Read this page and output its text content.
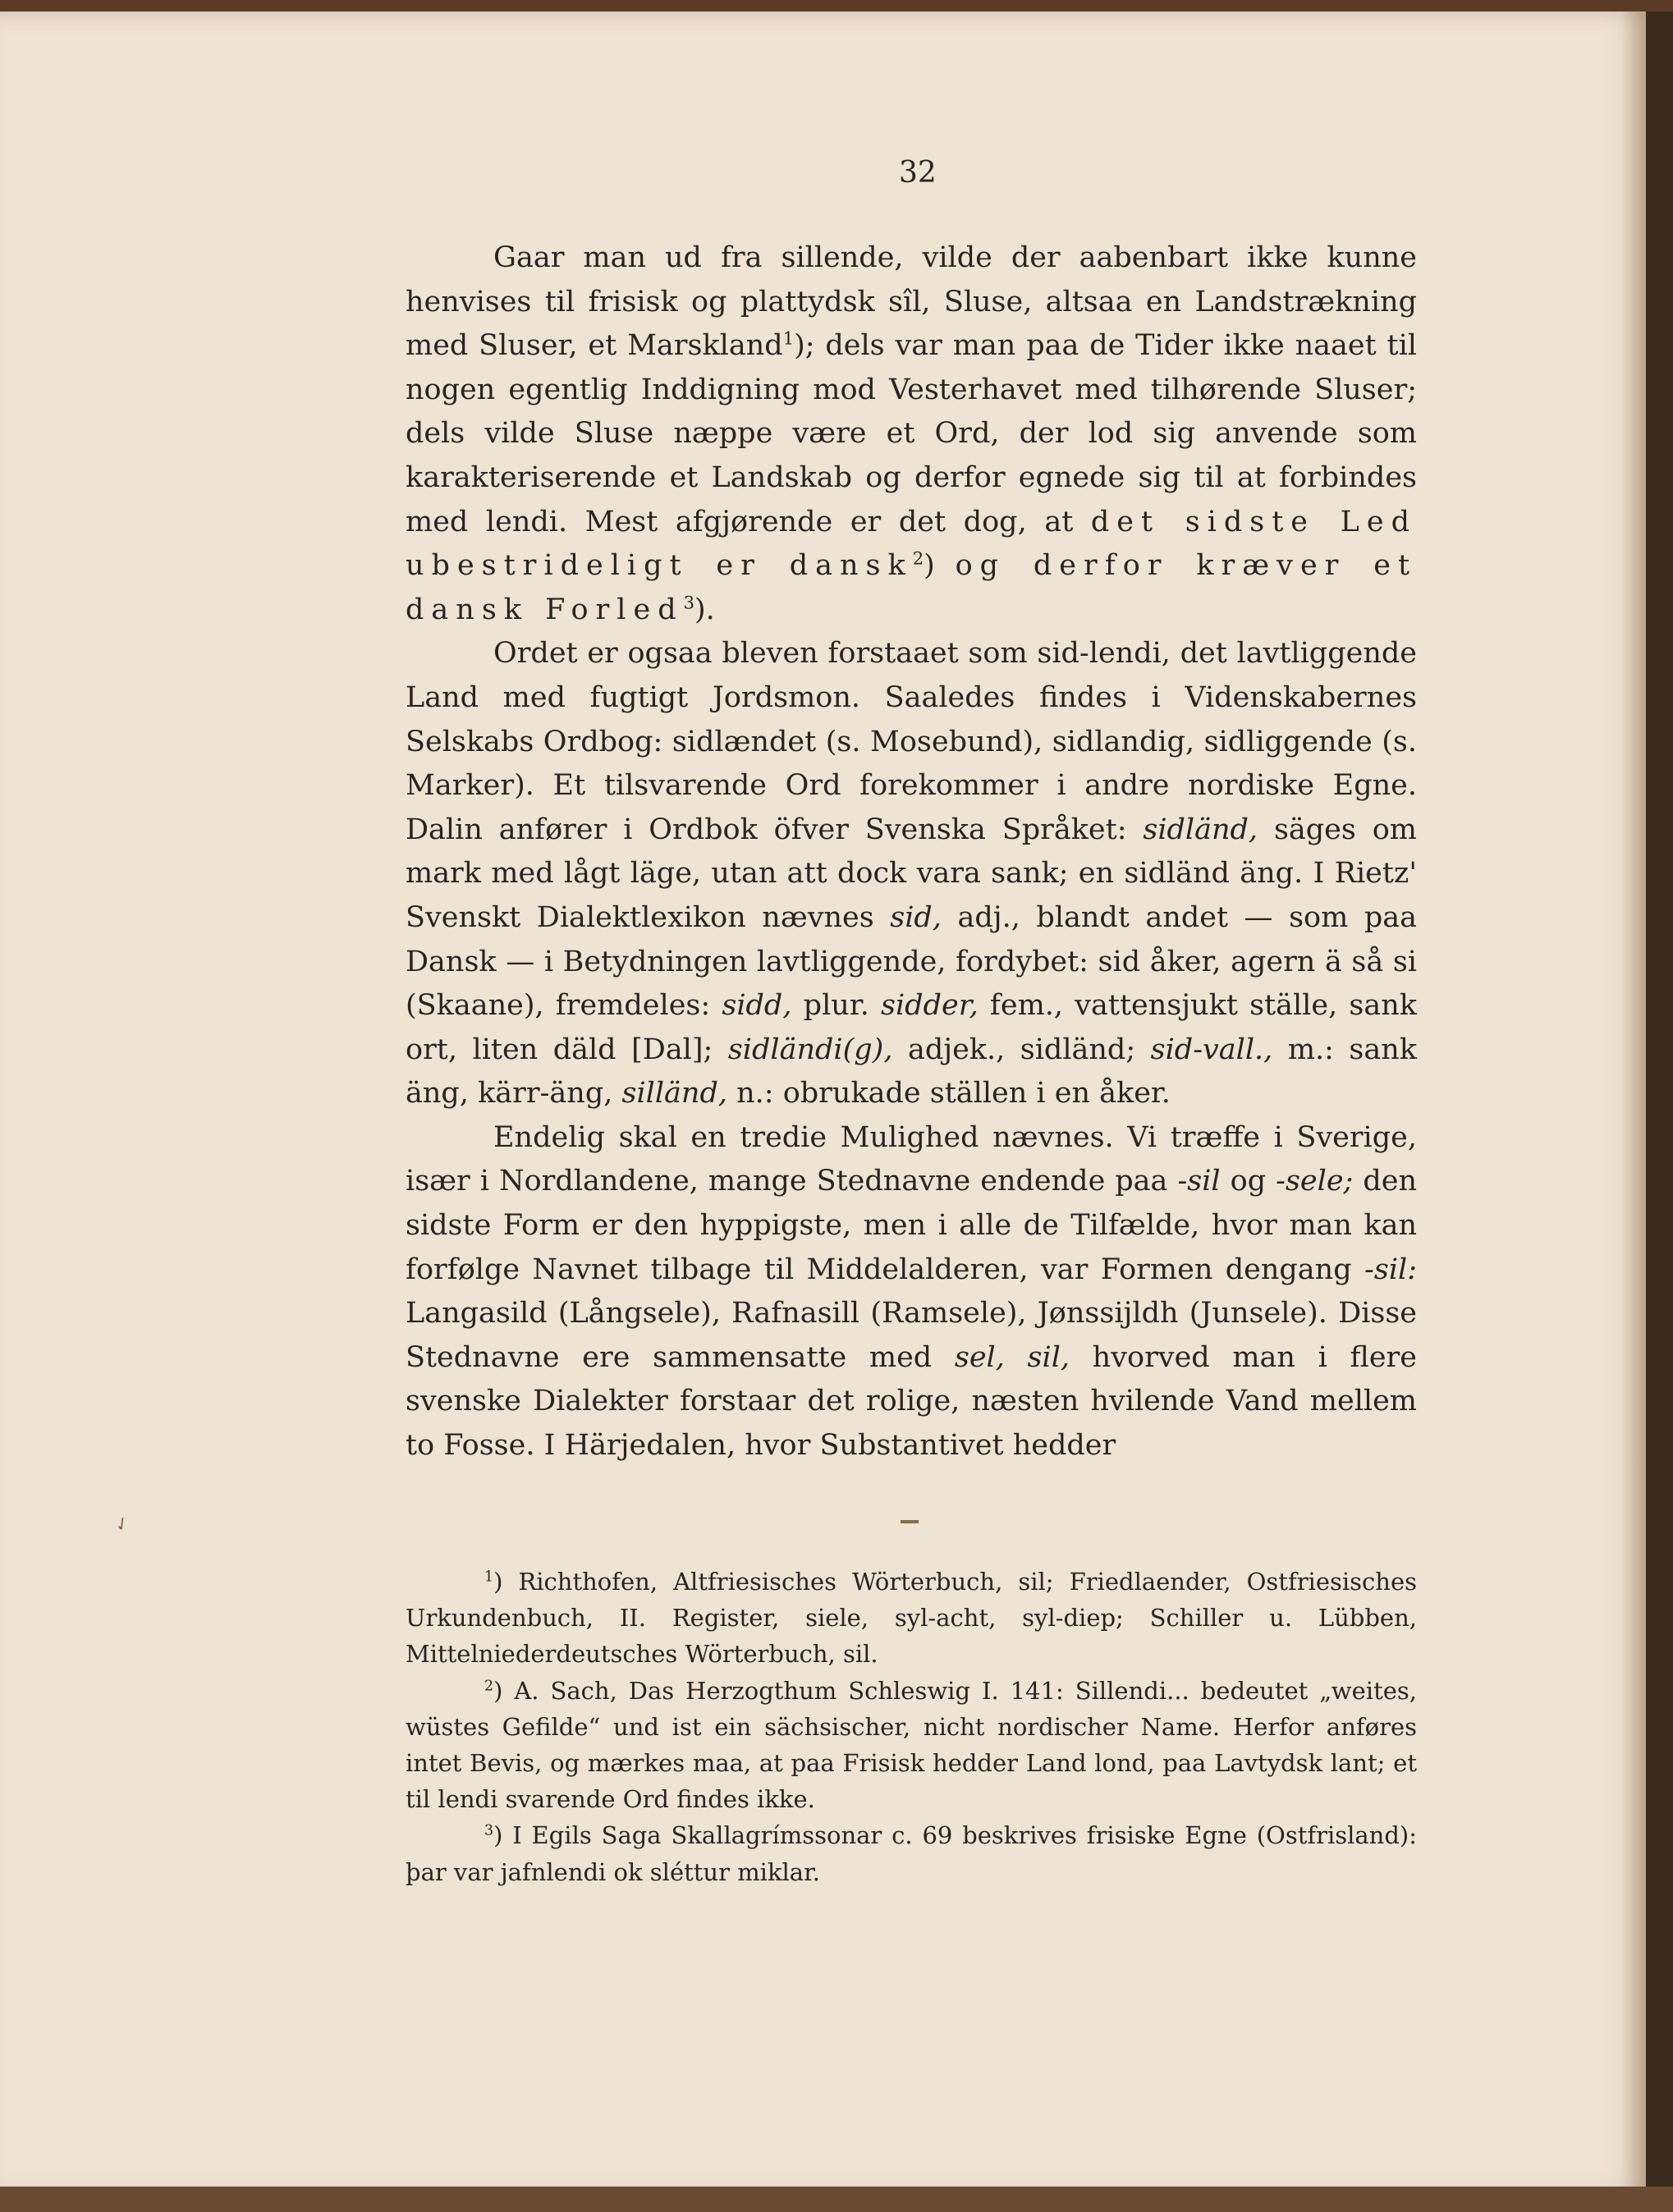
32

Gaar man ud fra sillende, vilde der aabenbart ikke kunne henvises til frisisk og plattydsk sîl, Sluse, altsaa en Landstrækning med Sluser, et Marskland$^1$); dels var man paa de Tider ikke naaet til nogen egentlig Inddigning mod Vesterhavet med tilhørende Sluser; dels vilde Sluse næppe være et Ord, der lod sig anvende som karakteriserende et Landskab og derfor egnede sig til at forbindes med lendi. Mest afgjørende er det dog, at det sidste Led ubestrideligt er dansk$^2$) og derfor kræver et dansk Forled$^3$).

Ordet er ogsaa bleven forstaaet som sid-lendi, det lavtliggende Land med fugtigt Jordsmon. Saaledes findes i Videnskabernes Selskabs Ordbog: sidlændet (s. Mosebund), sidlandig, sidliggende (s. Marker). Et tilsvarende Ord forekommer i andre nordiske Egne. Dalin anfører i Ordbok öfver Svenska Språket: sidländ, säges om mark med lågt läge, utan att dock vara sank; en sidländ äng. I Rietz' Svenskt Dialektlexikon nævnes sid, adj., blandt andet — som paa Dansk — i Betydningen lavtliggende, fordybet: sid åker, agern ä så si (Skaane), fremdeles: sidd, plur. sidder, fem., vattensjukt ställe, sank ort, liten däld [Dal]; sidländi(g), adjek., sidländ; sid-vall., m.: sank äng, kärr-äng, silländ, n.: obrukade ställen i en åker.

Endelig skal en tredie Mulighed nævnes. Vi træffe i Sverige, især i Nordlandene, mange Stednavne endende paa -sil og -sele; den sidste Form er den hyppigste, men i alle de Tilfælde, hvor man kan forfølge Navnet tilbage til Middelalderen, var Formen dengang -sil: Langasild (Långsele), Rafnasill (Ramsele), Jønssijldh (Junsele). Disse Stednavne ere sammensatte med sel, sil, hvorved man i flere svenske Dialekter forstaar det rolige, næsten hvilende Vand mellem to Fosse. I Härjedalen, hvor Substantivet hedder

✓

$^1$) Richthofen, Altfriesisches Wörterbuch, sil; Friedlaender, Ostfriesisches Urkundenbuch, II. Register, siele, syl-acht, syl-diep; Schiller u. Lübben, Mittelniederdeutsches Wörterbuch, sil.

$^2$) A. Sach, Das Herzogthum Schleswig I. 141: Sillendi... bedeutet „weites, wüstes Gefilde“ und ist ein sächsischer, nicht nordischer Name. Herfor anføres intet Bevis, og mærkes maa, at paa Frisisk hedder Land lond, paa Lavtydsk lant; et til lendi svarende Ord findes ikke.

$^3$) I Egils Saga Skallagrímssonar c. 69 beskrives frisiske Egne (Ostfrisland): þar var jafnlendi ok sléttur miklar.
